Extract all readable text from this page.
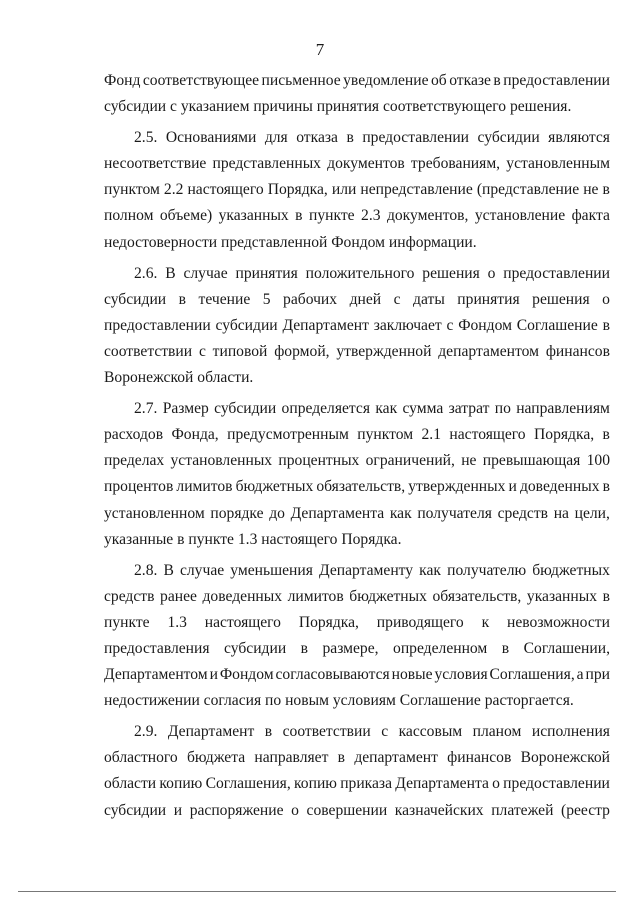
7
Фонд соответствующее письменное уведомление об отказе в предоставлении
субсидии с указанием причины принятия соответствующего решения.
2.5. Основаниями для отказа в предоставлении субсидии являются
несоответствие представленных документов требованиям, установленным
пунктом 2.2 настоящего Порядка, или непредставление (представление не в
полном объеме) указанных в пункте 2.3 документов, установление факта
недостоверности представленной Фондом информации.
2.6. В случае принятия положительного решения о предоставлении
субсидии в течение 5 рабочих дней с даты принятия решения о
предоставлении субсидии Департамент заключает с Фондом Соглашение в
соответствии с типовой формой, утвержденной департаментом финансов
Воронежской области.
2.7. Размер субсидии определяется как сумма затрат по направлениям
расходов Фонда, предусмотренным пунктом 2.1 настоящего Порядка, в
пределах установленных процентных ограничений, не превышающая 100
процентов лимитов бюджетных обязательств, утвержденных и доведенных в
установленном порядке до Департамента как получателя средств на цели,
указанные в пункте 1.3 настоящего Порядка.
2.8. В случае уменьшения Департаменту как получателю бюджетных
средств ранее доведенных лимитов бюджетных обязательств, указанных в
пункте 1.3 настоящего Порядка, приводящего к невозможности
предоставления субсидии в размере, определенном в Соглашении,
Департаментом и Фондом согласовываются новые условия Соглашения, а при
недостижении согласия по новым условиям Соглашение расторгается.
2.9. Департамент в соответствии с кассовым планом исполнения
областного бюджета направляет в департамент финансов Воронежской
области копию Соглашения, копию приказа Департамента о предоставлении
субсидии и распоряжение о совершении казначейских платежей (реестр
